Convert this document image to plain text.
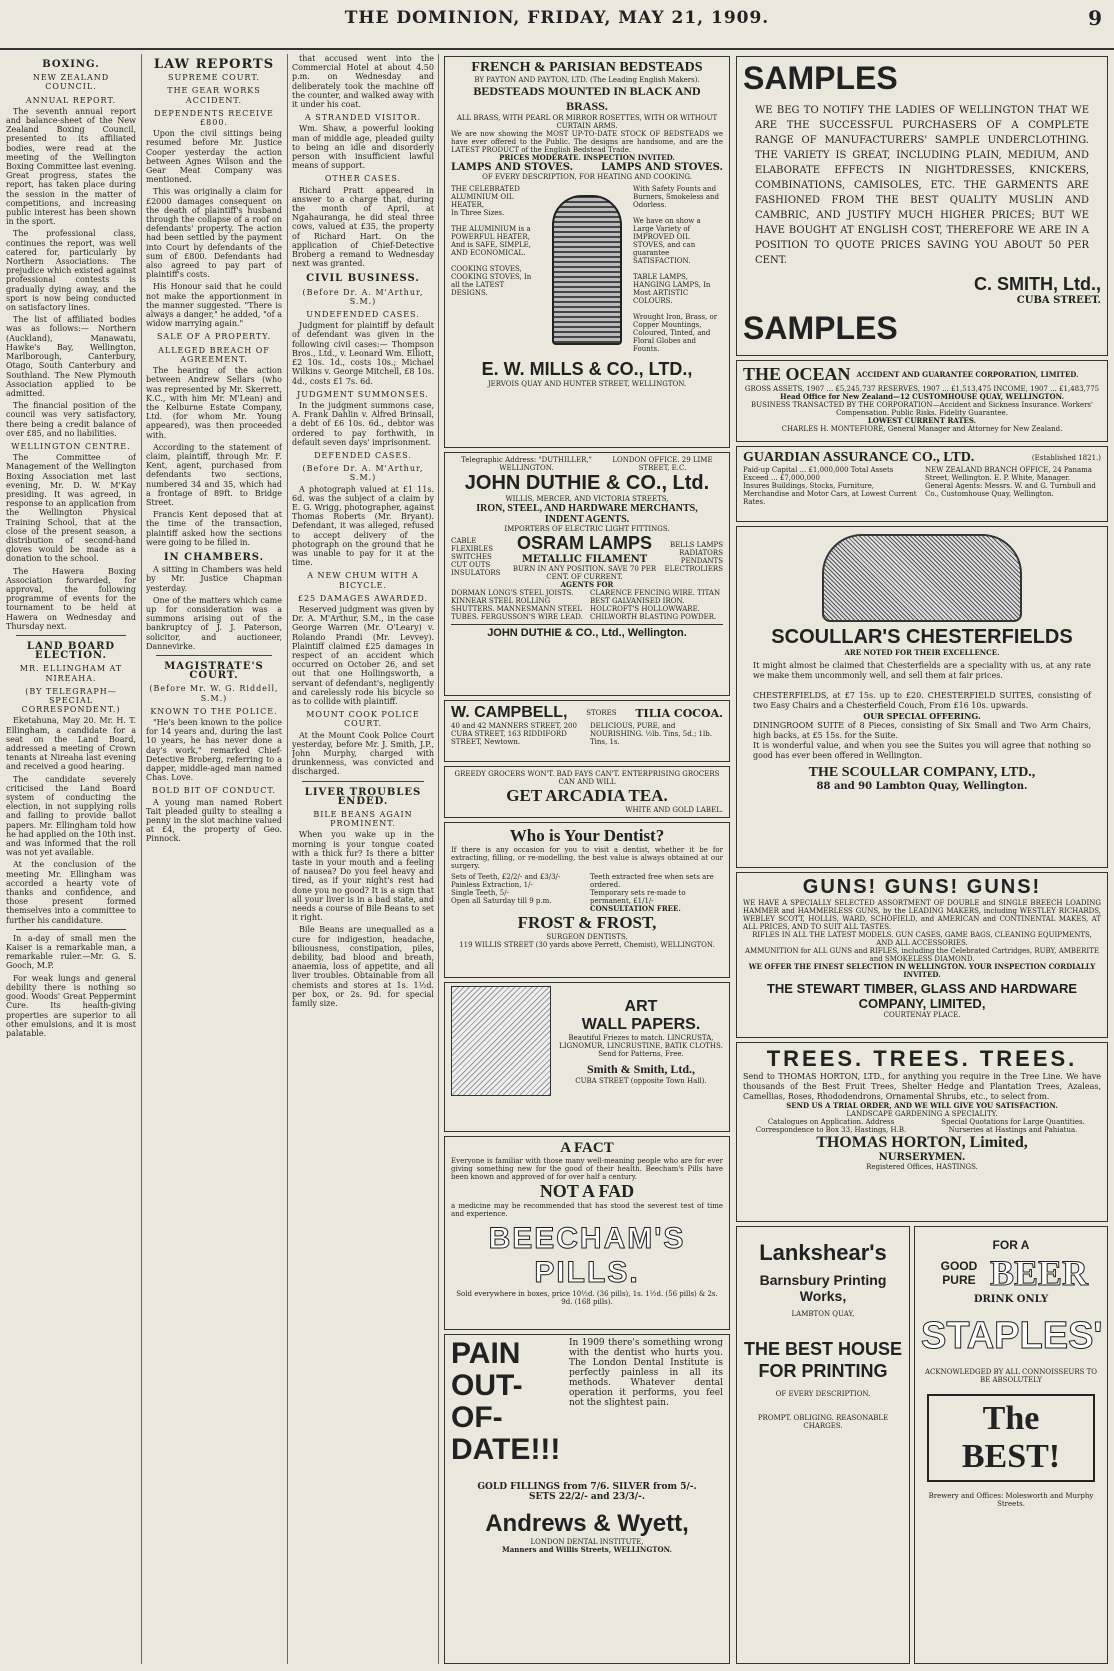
THE DOMINION, FRIDAY, MAY 21, 1909.	9
BOXING.
NEW ZEALAND COUNCIL.
ANNUAL REPORT.

The seventh annual report and balance-sheet of the New Zealand Boxing Council, presented to its affiliated bodies, were read at the meeting of the Wellington Boxing Committee last evening. Great progress, states the report, has taken place during the session in the matter of competitions, and increasing public interest has been shown in the sport.

The professional class, continues the report, was well catered for, particularly by Northern Associations. The prejudice which existed against professional contests is gradually dying away, and the sport is now being conducted on satisfactory lines.

The list of affiliated bodies was as follows:— Northern (Auckland), Manawatu, Hawke's Bay, Wellington, Marlborough, Canterbury, Otago, South Canterbury and Southland. The New Plymouth Association applied to be admitted.

The financial position of the council was very satisfactory, there being a credit balance of over £85, and no liabilities.

WELLINGTON CENTRE.

The Committee of Management of the Wellington Boxing Association met last evening, Mr. D. W. M'Kay presiding. It was agreed, in response to an application from the Wellington Physical Training School, that at the close of the present season, a distribution of second-hand gloves would be made as a donation to the school.

The Hawera Boxing Association forwarded, for approval, the following programme of events for the tournament to be held at Hawera on Wednesday and Thursday next.

LAND BOARD ELECTION.
MR. ELLINGHAM AT NIREAHA.
(BY TELEGRAPH—SPECIAL CORRESPONDENT.)

Eketahuna, May 20. Mr. H. T. Ellingham, a candidate for a seat on the Land Board, addressed a meeting of Crown tenants at Nireaha last evening and received a good hearing.

The candidate severely criticised the Land Board system of conducting the election, in not supplying rolls and failing to provide ballot papers. Mr. Ellingham told how he had applied on the 10th inst. and was informed that the roll was not yet available.

At the conclusion of the meeting Mr. Ellingham was accorded a hearty vote of thanks and confidence, and those present formed themselves into a committee to further his candidature.

In a-day of small men the Kaiser is a remarkable man, a remarkable ruler.—Mr. G. S. Gooch, M.P.

For weak lungs and general debility there is nothing so good. Woods' Great Peppermint Cure. Its health-giving properties are superior to all other emulsions, and it is most palatable.

LAW REPORTS
SUPREME COURT.
THE GEAR WORKS ACCIDENT.
DEPENDENTS RECEIVE £800.

Upon the civil sittings being resumed before Mr. Justice Cooper yesterday the action between Agnes Wilson and the Gear Meat Company was mentioned.

This was originally a claim for £2000 damages consequent on the death of plaintiff's husband through the collapse of a roof on defendants' property. The action had been settled by the payment into Court by defendants of the sum of £800. Defendants had also agreed to pay part of plaintiff's costs.

His Honour said that he could not make the apportionment in the manner suggested. "There is always a danger," he added, "of a widow marrying again."

SALE OF A PROPERTY.
ALLEGED BREACH OF AGREEMENT.

The hearing of the action between Andrew Sellars (who was represented by Mr. Skerrett, K.C., with him Mr. M'Lean) and the Kelburne Estate Company, Ltd. (for whom Mr. Young appeared), was then proceeded with.

According to the statement of claim, plaintiff, through Mr. F. Kent, agent, purchased from defendants two sections, numbered 34 and 35, which had a frontage of 89ft. to Bridge Street.

Francis Kent deposed that at the time of the transaction, plaintiff asked how the sections were going to be filled in.

IN CHAMBERS.

A sitting in Chambers was held by Mr. Justice Chapman yesterday.

One of the matters which came up for consideration was a summons arising out of the bankruptcy of J. J. Paterson, solicitor, and auctioneer, Dannevirke.

MAGISTRATE'S COURT.
(Before Mr. W. G. Riddell, S.M.)
KNOWN TO THE POLICE.

"He's been known to the police for 14 years and, during the last 10 years, he has never done a day's work," remarked Chief-Detective Broberg, referring to a dapper, middle-aged man named Chas. Love.

BOLD BIT OF CONDUCT.

A young man named Robert Tait pleaded guilty to stealing a penny in the slot machine valued at £4, the property of Geo. Pinnock.

that accused went into the Commercial Hotel at about 4.50 p.m. on Wednesday and deliberately took the machine off the counter, and walked away with it under his coat.

A STRANDED VISITOR.

Wm. Shaw, a powerful looking man of middle age, pleaded guilty to being an idle and disorderly person with insufficient lawful means of support.

OTHER CASES.

Richard Pratt appeared in answer to a charge that, during the month of April, at Ngahauranga, he did steal three cows, valued at £35, the property of Richard Hart. On the application of Chief-Detective Broberg a remand to Wednesday next was granted.

CIVIL BUSINESS.
(Before Dr. A. M'Arthur, S.M.)
UNDEFENDED CASES.

Judgment for plaintiff by default of defendant was given in the following civil cases:— Thompson Bros., Ltd., v. Leonard Wm. Elliott, £2 10s. 1d., costs 10s.; Michael Wilkins v. George Mitchell, £8 10s. 4d., costs £1 7s. 6d.

JUDGMENT SUMMONSES.

In the judgment summons case, A. Frank Dahlin v. Alfred Brinsall, a debt of £6 10s. 6d., debtor was ordered to pay forthwith, in default seven days' imprisonment.

DEFENDED CASES.
(Before Dr. A. M'Arthur, S.M.)

A photograph valued at £1 11s. 6d. was the subject of a claim by E. G. Wrigg, photographer, against Thomas Roberts (Mr. Bryant). Defendant, it was alleged, refused to accept delivery of the photograph on the ground that he was unable to pay for it at the time.

A NEW CHUM WITH A BICYCLE.
£25 DAMAGES AWARDED.

Reserved judgment was given by Dr. A. M'Arthur, S.M., in the case George Warren (Mr. O'Leary) v. Rolando Prandi (Mr. Levvey). Plaintiff claimed £25 damages in respect of an accident which occurred on October 26, and set out that one Hollingsworth, a servant of defendant's, negligently and carelessly rode his bicycle so as to collide with plaintiff.

MOUNT COOK POLICE COURT.

At the Mount Cook Police Court yesterday, before Mr. J. Smith, J.P., John Murphy, charged with drunkenness, was convicted and discharged.

LIVER TROUBLES ENDED.
BILE BEANS AGAIN PROMINENT.

When you wake up in the morning is your tongue coated with a thick fur? Is there a bitter taste in your mouth and a feeling of nausea? Do you feel heavy and tired, as if your night's rest had done you no good? It is a sign that all your liver is in a bad state, and needs a course of Bile Beans to set it right.

Bile Beans are unequalled as a cure for indigestion, headache, biliousness, constipation, piles, debility, bad blood and breath, anaemia, loss of appetite, and all liver troubles. Obtainable from all chemists and stores at 1s. 1½d. per box, or 2s. 9d. for special family size.

FRENCH & PARISIAN BEDSTEADS
BY PAYTON AND PAYTON, LTD. (The Leading English Makers).
BEDSTEADS MOUNTED IN BLACK AND BRASS.
ALL BRASS, WITH PEARL OR MIRROR ROSETTES, WITH OR WITHOUT CURTAIN ARMS.
We are now showing the MOST UP-TO-DATE STOCK OF BEDSTEADS we have ever offered to the Public. The designs are handsome, and are the LATEST PRODUCT of the English Bedstead Trade.
PRICES MODERATE. INSPECTION INVITED.
LAMPS AND STOVES.	LAMPS AND STOVES.
OF EVERY DESCRIPTION, FOR HEATING AND COOKING.

THE CELEBRATED ALUMINIUM OIL HEATER,

In Three Sizes.

THE ALUMINIUM is a POWERFUL HEATER, And is SAFE, SIMPLE, AND ECONOMICAL.

COOKING STOVES, COOKING STOVES, In all the LATEST DESIGNS.

With Safety Founts and Burners, Smokeless and Odorless.

We have on show a Large Variety of IMPROVED OIL STOVES, and can guarantee SATISFACTION.

TABLE LAMPS, HANGING LAMPS, In Most ARTISTIC COLOURS.

Wrought Iron, Brass, or Copper Mountings, Coloured, Tinted, and Floral Globes and Founts.

E. W. MILLS & CO., LTD.,
JERVOIS QUAY AND HUNTER STREET, WELLINGTON.
Telegraphic Address: "DUTHILLER," WELLINGTON.
LONDON OFFICE. 29 LIME STREET, E.C.
JOHN DUTHIE & CO., Ltd.
WILLIS, MERCER, AND VICTORIA STREETS,
IRON, STEEL, AND HARDWARE MERCHANTS,
INDENT AGENTS.
IMPORTERS OF ELECTRIC LIGHT FITTINGS.
CABLE FLEXIBLES SWITCHES CUT OUTS INSULATORS
OSRAM LAMPS
METALLIC FILAMENT
BURN IN ANY POSITION. SAVE 70 PER CENT. OF CURRENT.
BELLS LAMPS RADIATORS PENDANTS ELECTROLIERS
AGENTS FOR
DORMAN LONG'S STEEL JOISTS. KINNEAR STEEL ROLLING SHUTTERS. MANNESMANN STEEL TUBES. FERGUSSON'S WIRE LEAD.
CLARENCE FENCING WIRE. TITAN BEST GALVANISED IRON. HOLCROFT'S HOLLOWWARE. CHILWORTH BLASTING POWDER.
JOHN DUTHIE & CO., Ltd., Wellington.
W. CAMPBELL,	STORES TILIA COCOA.
40 and 42 MANNERS STREET, 200 CUBA STREET, 163 RIDDIFORD STREET, Newtown.
DELICIOUS, PURE, and NOURISHING. ½lb. Tins, 5d.; 1lb. Tins, 1s.
GREEDY GROCERS WON'T. BAD FAYS CAN'T. ENTERPRISING GROCERS CAN AND WILL
GET ARCADIA TEA.
WHITE AND GOLD LABEL.
Who is Your Dentist?
If there is any occasion for you to visit a dentist, whether it be for extracting, filling, or re-modelling, the best value is always obtained at our surgery.

Sets of Teeth, £2/2/- and £3/3/-

Painless Extraction, 1/-

Single Teeth, 5/-

Open all Saturday till 9 p.m.

Teeth extracted free when sets are ordered.

Temporary sets re-made to permanent, £1/1/-

CONSULTATION FREE.

FROST & FROST,
SURGEON DENTISTS,
119 WILLIS STREET (30 yards above Perrett, Chemist), WELLINGTON.
ART
WALL PAPERS.
Beautiful Friezes to match. LINCRUSTA, LIGNOMUR, LINCRUSTINE, BATIK CLOTHS. Send for Patterns, Free.
Smith & Smith, Ltd.,
CUBA STREET (opposite Town Hall).
A FACT
Everyone is familiar with those many well-meaning people who are for ever giving something new for the good of their health. Beecham's Pills have been known and approved of for over half a century.
NOT A FAD
a medicine may be recommended that has stood the severest test of time and experience.
BEECHAM'S PILLS.
Sold everywhere in boxes, price 10½d. (36 pills), 1s. 1½d. (56 pills) & 2s. 9d. (168 pills).
PAIN OUT-OF-DATE!!!
In 1909 there's something wrong with the dentist who hurts you. The London Dental Institute is perfectly painless in all its methods. Whatever dental operation it performs, you feel not the slightest pain.
GOLD FILLINGS from 7/6. SILVER from 5/-.
SETS 22/2/- and 23/3/-.
Andrews & Wyett,
LONDON DENTAL INSTITUTE,
Manners and Willis Streets, WELLINGTON.
SAMPLES
WE BEG TO NOTIFY THE LADIES OF WELLINGTON THAT WE ARE THE SUCCESSFUL PURCHASERS OF A COMPLETE RANGE OF MANUFACTURERS' SAMPLE UNDERCLOTHING. THE VARIETY IS GREAT, INCLUDING PLAIN, MEDIUM, AND ELABORATE EFFECTS IN NIGHTDRESSES, KNICKERS, COMBINATIONS, CAMISOLES, ETC. THE GARMENTS ARE FASHIONED FROM THE BEST QUALITY MUSLIN AND CAMBRIC, AND JUSTIFY MUCH HIGHER PRICES; BUT WE HAVE BOUGHT AT ENGLISH COST, THEREFORE WE ARE IN A POSITION TO QUOTE PRICES SAVING YOU ABOUT 50 PER CENT.
C. SMITH, Ltd.,
CUBA STREET.
SAMPLES
THE OCEAN ACCIDENT AND GUARANTEE CORPORATION, LIMITED.
GROSS ASSETS, 1907 ... £5,245,737 RESERVES, 1907 ... £1,513,475 INCOME, 1907 ... £1,483,775
Head Office for New Zealand—12 CUSTOMHOUSE QUAY, WELLINGTON.
BUSINESS TRANSACTED BY THE CORPORATION—Accident and Sickness Insurance. Workers' Compensation. Public Risks. Fidelity Guarantee.
LOWEST CURRENT RATES.
CHARLES H. MONTEFIORE, General Manager and Attorney for New Zealand.
GUARDIAN ASSURANCE CO., LTD.	(Established 1821.)

Paid-up Capital ... £1,000,000 Total Assets Exceed ... £7,000,000

Insures Buildings, Stocks, Furniture, Merchandise and Motor Cars, at Lowest Current Rates.

NEW ZEALAND BRANCH OFFICE, 24 Panama Street, Wellington. E. P. White, Manager.

General Agents: Messrs. W. and G. Turnbull and Co., Customhouse Quay, Wellington.

SCOULLAR'S CHESTERFIELDS
ARE NOTED FOR THEIR EXCELLENCE.

It might almost be claimed that Chesterfields are a speciality with us, at any rate we make them uncommonly well, and sell them at fair prices.

CHESTERFIELDS, at £7 15s. up to £20. CHESTERFIELD SUITES, consisting of two Easy Chairs and a Chesterfield Couch, From £16 10s. upwards.

OUR SPECIAL OFFERING.

DININGROOM SUITE of 8 Pieces, consisting of Six Small and Two Arm Chairs, high backs, at £5 15s. for the Suite.

It is wonderful value, and when you see the Suites you will agree that nothing so good has ever been offered in Wellington.

THE SCOULLAR COMPANY, LTD.,
88 and 90 Lambton Quay, Wellington.
GUNS! GUNS! GUNS!
WE HAVE A SPECIALLY SELECTED ASSORTMENT OF DOUBLE and SINGLE BREECH LOADING HAMMER and HAMMERLESS GUNS, by the LEADING MAKERS, including WESTLEY RICHARDS, WEBLEY SCOTT, HOLLIS, WARD, SCHOFIELD, and AMERICAN and CONTINENTAL MAKES, AT ALL PRICES, AND TO SUIT ALL TASTES.
RIFLES IN ALL THE LATEST MODELS. GUN CASES, GAME BAGS, CLEANING EQUIPMENTS, AND ALL ACCESSORIES.
AMMUNITION for ALL GUNS and RIFLES, including the Celebrated Cartridges, RUBY, AMBERITE and SMOKELESS DIAMOND.
WE OFFER THE FINEST SELECTION IN WELLINGTON. YOUR INSPECTION CORDIALLY INVITED.
THE STEWART TIMBER, GLASS AND HARDWARE COMPANY, LIMITED,
COURTENAY PLACE.
TREES. TREES. TREES.
Send to THOMAS HORTON, LTD., for anything you require in the Tree Line. We have thousands of the Best Fruit Trees, Shelter Hedge and Plantation Trees, Azaleas, Camellias, Roses, Rhododendrons, Ornamental Shrubs, etc., to select from.
SEND US A TRIAL ORDER, AND WE WILL GIVE YOU SATISFACTION.
LANDSCAPE GARDENING A SPECIALITY.
Catalogues on Application. Address Correspondence to Box 33, Hastings, H.B.
Special Quotations for Large Quantities. Nurseries at Hastings and Pahiatua.
THOMAS HORTON, Limited,
NURSERYMEN.
Registered Offices, HASTINGS.
Lankshear's
Barnsbury Printing Works,
LAMBTON QUAY,
THE BEST HOUSE FOR PRINTING
OF EVERY DESCRIPTION.
PROMPT. OBLIGING. REASONABLE CHARGES.
FOR A
GOOD PURE BEER
DRINK ONLY
STAPLES'
ACKNOWLEDGED BY ALL CONNOISSEURS TO BE ABSOLUTELY
The BEST!
Brewery and Offices: Molesworth and Murphy Streets.
